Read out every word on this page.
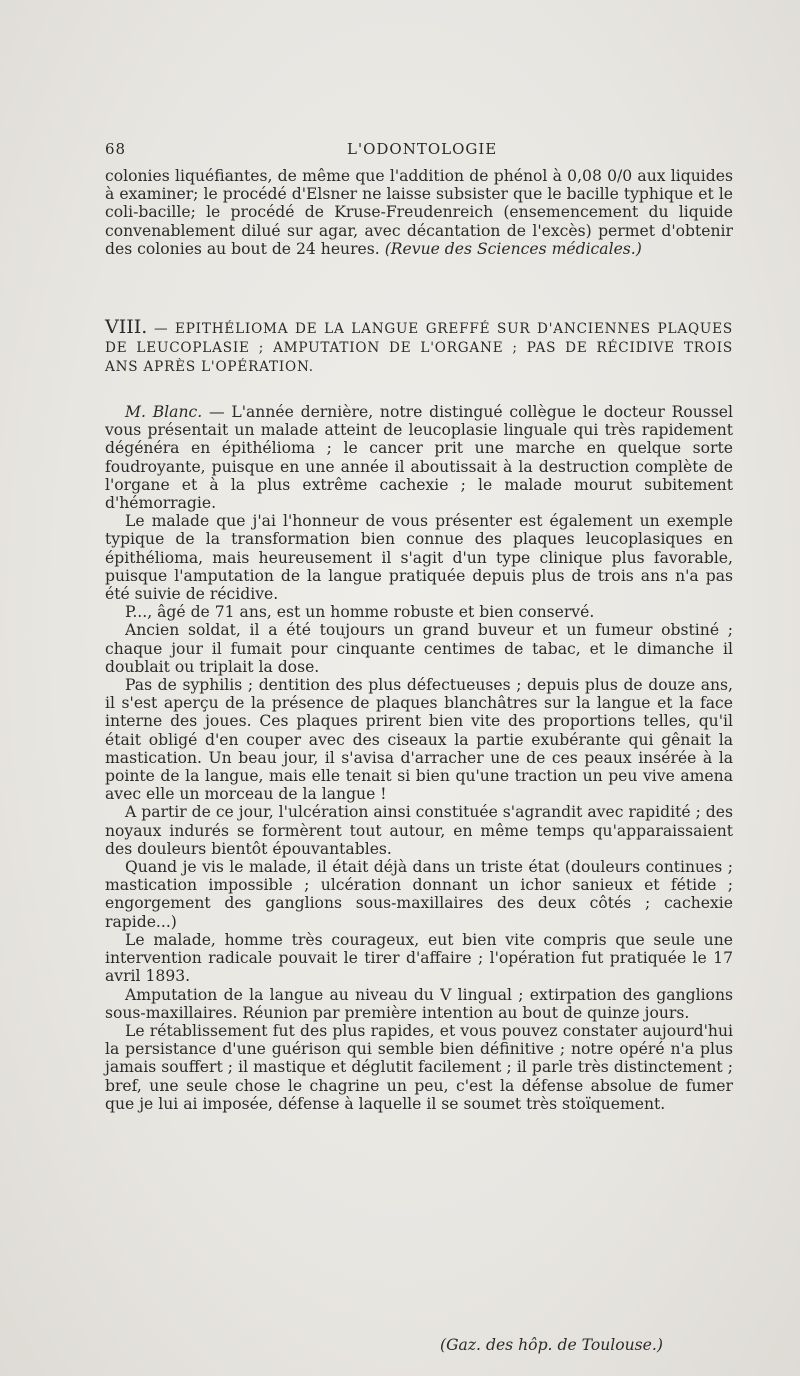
68	L'ODONTOLOGIE

colonies liquéfiantes, de même que l'addition de phénol à 0,08 0/0 aux liquides à examiner; le procédé d'Elsner ne laisse subsister que le bacille typhique et le coli-bacille; le procédé de Kruse-Freudenreich (ensemencement du liquide convenablement dilué sur agar, avec décantation de l'excès) permet d'obtenir des colonies au bout de 24 heures. (Revue des Sciences médicales.)

VIII. — EPITHÉLIOMA DE LA LANGUE GREFFÉ SUR D'ANCIENNES PLAQUES DE LEUCOPLASIE ; AMPUTATION DE L'ORGANE ; PAS DE RÉCIDIVE TROIS ANS APRÈS L'OPÉRATION.

M. Blanc. — L'année dernière, notre distingué collègue le docteur Roussel vous présentait un malade atteint de leucoplasie linguale qui très rapidement dégénéra en épithélioma ; le cancer prit une marche en quelque sorte foudroyante, puisque en une année il aboutissait à la destruction complète de l'organe et à la plus extrême cachexie ; le malade mourut subitement d'hémorragie.

Le malade que j'ai l'honneur de vous présenter est également un exemple typique de la transformation bien connue des plaques leucoplasiques en épithélioma, mais heureusement il s'agit d'un type clinique plus favorable, puisque l'amputation de la langue pratiquée depuis plus de trois ans n'a pas été suivie de récidive.

P..., âgé de 71 ans, est un homme robuste et bien conservé.

Ancien soldat, il a été toujours un grand buveur et un fumeur obstiné ; chaque jour il fumait pour cinquante centimes de tabac, et le dimanche il doublait ou triplait la dose.

Pas de syphilis ; dentition des plus défectueuses ; depuis plus de douze ans, il s'est aperçu de la présence de plaques blanchâtres sur la langue et la face interne des joues. Ces plaques prirent bien vite des proportions telles, qu'il était obligé d'en couper avec des ciseaux la partie exubérante qui gênait la mastication. Un beau jour, il s'avisa d'arracher une de ces peaux insérée à la pointe de la langue, mais elle tenait si bien qu'une traction un peu vive amena avec elle un morceau de la langue !

A partir de ce jour, l'ulcération ainsi constituée s'agrandit avec rapidité ; des noyaux indurés se formèrent tout autour, en même temps qu'apparaissaient des douleurs bientôt épouvantables.

Quand je vis le malade, il était déjà dans un triste état (douleurs continues ; mastication impossible ; ulcération donnant un ichor sanieux et fétide ; engorgement des ganglions sous-maxillaires des deux côtés ; cachexie rapide...)

Le malade, homme très courageux, eut bien vite compris que seule une intervention radicale pouvait le tirer d'affaire ; l'opération fut pratiquée le 17 avril 1893.

Amputation de la langue au niveau du V lingual ; extirpation des ganglions sous-maxillaires. Réunion par première intention au bout de quinze jours.

Le rétablissement fut des plus rapides, et vous pouvez constater aujourd'hui la persistance d'une guérison qui semble bien définitive ; notre opéré n'a plus jamais souffert ; il mastique et déglutit facilement ; il parle très distinctement ; bref, une seule chose le chagrine un peu, c'est la défense absolue de fumer que je lui ai imposée, défense à laquelle il se soumet très stoïquement.

(Gaz. des hôp. de Toulouse.)
